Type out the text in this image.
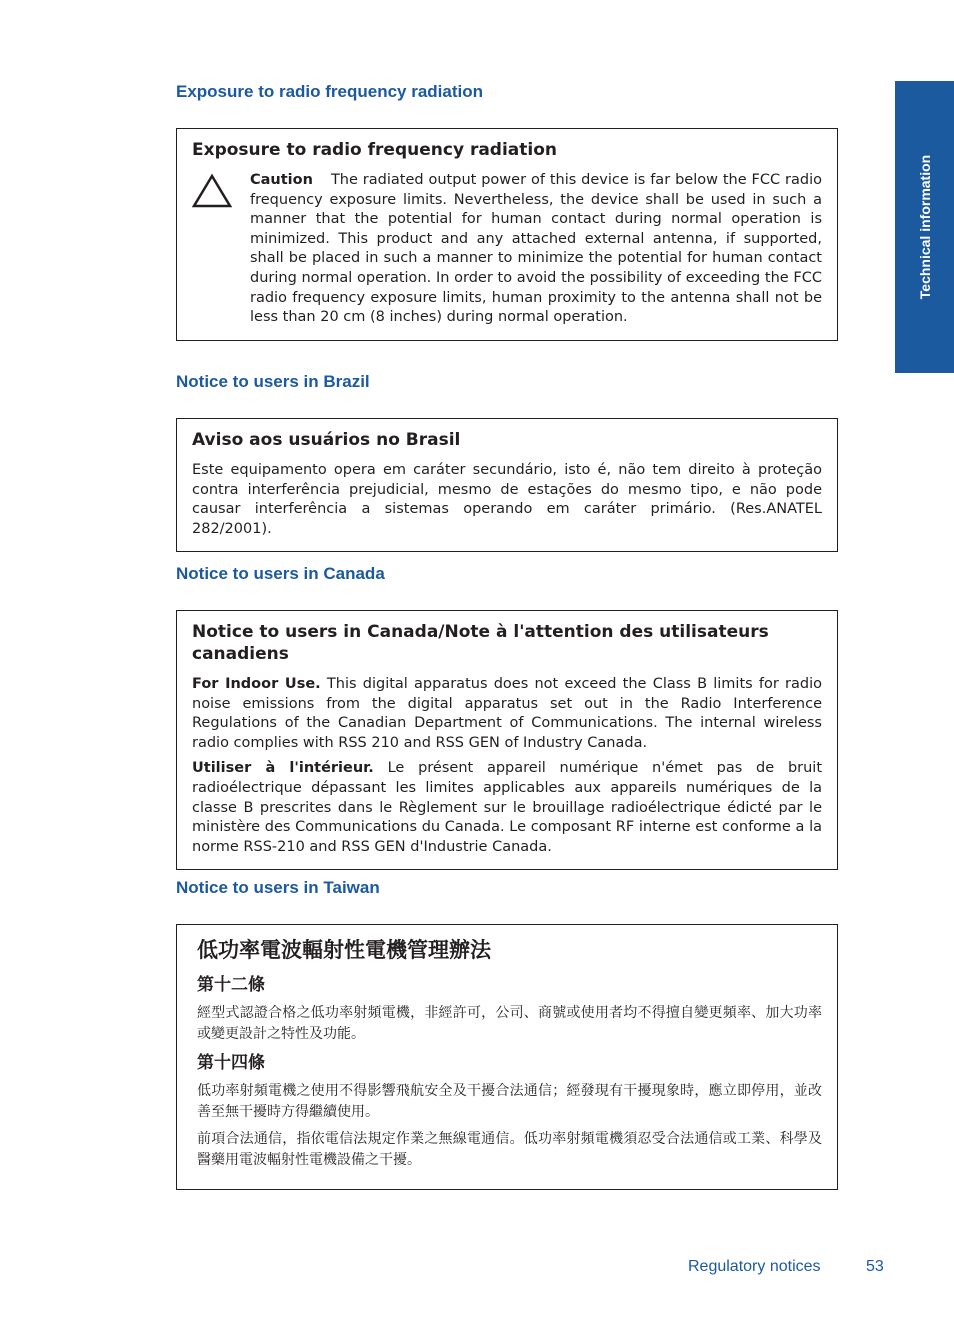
Technical information
Exposure to radio frequency radiation
Exposure to radio frequency radiation

Caution The radiated output power of this device is far below the FCC radio frequency exposure limits. Nevertheless, the device shall be used in such a manner that the potential for human contact during normal operation is minimized. This product and any attached external antenna, if supported, shall be placed in such a manner to minimize the potential for human contact during normal operation. In order to avoid the possibility of exceeding the FCC radio frequency exposure limits, human proximity to the antenna shall not be less than 20 cm (8 inches) during normal operation.

Notice to users in Brazil
Aviso aos usuários no Brasil

Este equipamento opera em caráter secundário, isto é, não tem direito à proteção contra interferência prejudicial, mesmo de estações do mesmo tipo, e não pode causar interferência a sistemas operando em caráter primário. (Res.ANATEL 282/2001).

Notice to users in Canada
Notice to users in Canada/Note à l'attention des utilisateurs canadiens

For Indoor Use. This digital apparatus does not exceed the Class B limits for radio noise emissions from the digital apparatus set out in the Radio Interference Regulations of the Canadian Department of Communications. The internal wireless radio complies with RSS 210 and RSS GEN of Industry Canada.

Utiliser à l'intérieur. Le présent appareil numérique n'émet pas de bruit radioélectrique dépassant les limites applicables aux appareils numériques de la classe B prescrites dans le Règlement sur le brouillage radioélectrique édicté par le ministère des Communications du Canada. Le composant RF interne est conforme a la norme RSS-210 and RSS GEN d'Industrie Canada.

Notice to users in Taiwan
低功率電波輻射性電機管理辦法
第十二條

經型式認證合格之低功率射頻電機，非經許可，公司、商號或使用者均不得擅自變更頻率、加大功率或變更設計之特性及功能。

第十四條

低功率射頻電機之使用不得影響飛航安全及干擾合法通信；經發現有干擾現象時，應立即停用，並改善至無干擾時方得繼續使用。

前項合法通信，指依電信法規定作業之無線電通信。低功率射頻電機須忍受合法通信或工業、科學及醫藥用電波輻射性電機設備之干擾。

Regulatory notices	53
